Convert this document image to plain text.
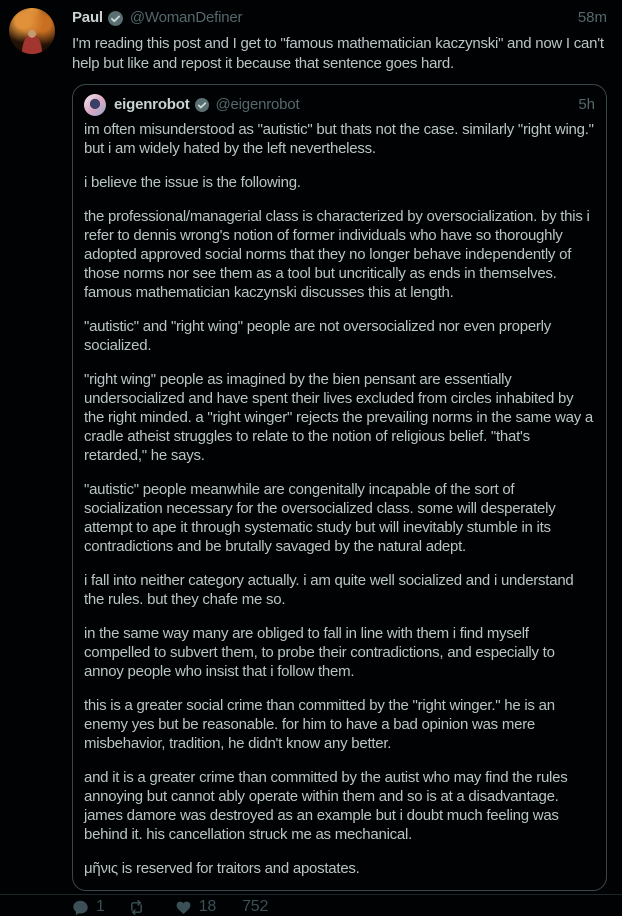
Paul @WomanDefiner	58m
I'm reading this post and I get to "famous mathematician kaczynski" and now I can't help but like and repost it because that sentence goes hard.
eigenrobot @eigenrobot	5h

im often misunderstood as "autistic" but thats not the case. similarly "right wing." but i am widely hated by the left nevertheless.

i believe the issue is the following.

the professional/managerial class is characterized by oversocialization. by this i refer to dennis wrong's notion of former individuals who have so thoroughly adopted approved social norms that they no longer behave independently of those norms nor see them as a tool but uncritically as ends in themselves. famous mathematician kaczynski discusses this at length.

"autistic" and "right wing" people are not oversocialized nor even properly socialized.

"right wing" people as imagined by the bien pensant are essentially undersocialized and have spent their lives excluded from circles inhabited by the right minded. a "right winger" rejects the prevailing norms in the same way a cradle atheist struggles to relate to the notion of religious belief. "that's retarded," he says.

"autistic" people meanwhile are congenitally incapable of the sort of socialization necessary for the oversocialized class. some will desperately attempt to ape it through systematic study but will inevitably stumble in its contradictions and be brutally savaged by the natural adept.

i fall into neither category actually. i am quite well socialized and i understand the rules. but they chafe me so.

in the same way many are obliged to fall in line with them i find myself compelled to subvert them, to probe their contradictions, and especially to annoy people who insist that i follow them.

this is a greater social crime than committed by the "right winger." he is an enemy yes but be reasonable. for him to have a bad opinion was mere misbehavior, tradition, he didn't know any better.

and it is a greater crime than committed by the autist who may find the rules annoying but cannot ably operate within them and so is at a disadvantage. james damore was destroyed as an example but i doubt much feeling was behind it. his cancellation struck me as mechanical.

μῆνις is reserved for traitors and apostates.

1	18 752
